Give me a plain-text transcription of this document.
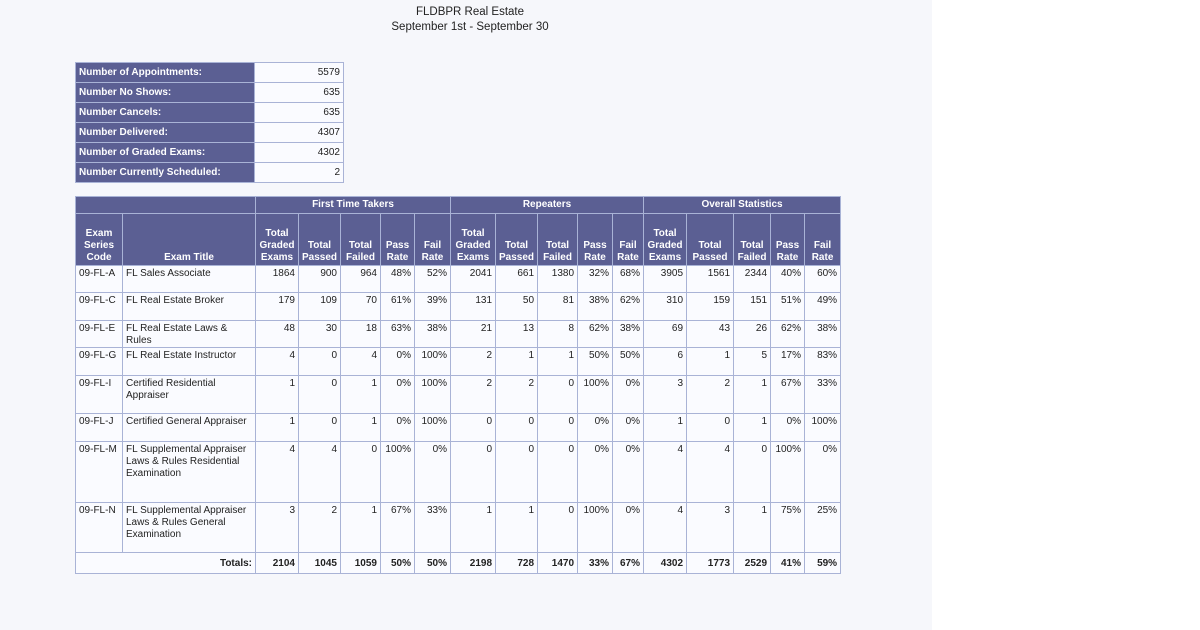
FLDBPR Real Estate
September 1st - September 30
Number of Appointments:	5579
Number No Shows:	635
Number Cancels:	635
Number Delivered:	4307
Number of Graded Exams:	4302
Number Currently Scheduled:	2
		First Time Takers					Repeaters					Overall Statistics				
Exam Series Code	Exam Title	Total Graded Exams	Total Passed	Total Failed	Pass Rate	Fail Rate	Total Graded Exams	Total Passed	Total Failed	Pass Rate	Fail Rate	Total Graded Exams	Total Passed	Total Failed	Pass Rate	Fail Rate
09-FL-A	FL Sales Associate	1864	900	964	48%	52%	2041	661	1380	32%	68%	3905	1561	2344	40%	60%
09-FL-C	FL Real Estate Broker	179	109	70	61%	39%	131	50	81	38%	62%	310	159	151	51%	49%
09-FL-E	FL Real Estate Laws & Rules	48	30	18	63%	38%	21	13	8	62%	38%	69	43	26	62%	38%
09-FL-G	FL Real Estate Instructor	4	0	4	0%	100%	2	1	1	50%	50%	6	1	5	17%	83%
09-FL-I	Certified Residential Appraiser	1	0	1	0%	100%	2	2	0	100%	0%	3	2	1	67%	33%
09-FL-J	Certified General Appraiser	1	0	1	0%	100%	0	0	0	0%	0%	1	0	1	0%	100%
09-FL-M	FL Supplemental Appraiser Laws & Rules Residential Examination	4	4	0	100%	0%	0	0	0	0%	0%	4	4	0	100%	0%
09-FL-N	FL Supplemental Appraiser Laws & Rules General Examination	3	2	1	67%	33%	1	1	0	100%	0%	4	3	1	75%	25%
Totals:		2104	1045	1059	50%	50%	2198	728	1470	33%	67%	4302	1773	2529	41%	59%
